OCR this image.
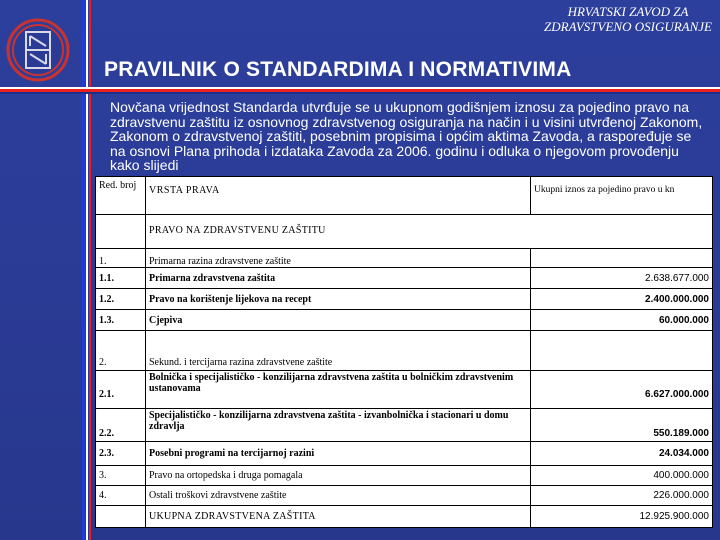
HRVATSKI ZAVOD ZA
ZDRAVSTVENO OSIGURANJE
PRAVILNIK O STANDARDIMA I NORMATIVIMA
Novčana vrijednost Standarda utvrđuje se u ukupnom godišnjem iznosu za pojedino pravo na zdravstvenu zaštitu iz osnovnog zdravstvenog osiguranja na način i u visini utvrđenoj Zakonom, Zakonom o zdravstvenoj zaštiti, posebnim propisima i općim aktima Zavoda, a raspoređuje se na osnovi Plana prihoda i izdataka Zavoda za 2006. godinu i odluka o njegovom provođenju kako slijedi
Red. broj	VRSTA PRAVA	Ukupni iznos za pojedino pravo u kn
	PRAVO NA ZDRAVSTVENU ZAŠTITU	
1.	Primarna razina zdravstvene zaštite	
1.1.	Primarna zdravstvena zaštita	2.638.677.000
1.2.	Pravo na korištenje lijekova na recept	2.400.000.000
1.3.	Cjepiva	60.000.000
2.	Sekund. i tercijarna razina zdravstvene zaštite	
2.1.	Bolnička i specijalističko - konzilijarna zdravstvena zaštita u bolničkim zdravstvenim ustanovama	6.627.000.000
2.2.	Specijalističko - konzilijarna zdravstvena zaštita - izvanbolnička i stacionari u domu zdravlja	550.189.000
2.3.	Posebni programi na tercijarnoj razini	24.034.000
3.	Pravo na ortopedska i druga pomagala	400.000.000
4.	Ostali troškovi zdravstvene zaštite	226.000.000
	UKUPNA ZDRAVSTVENA ZAŠTITA	12.925.900.000
